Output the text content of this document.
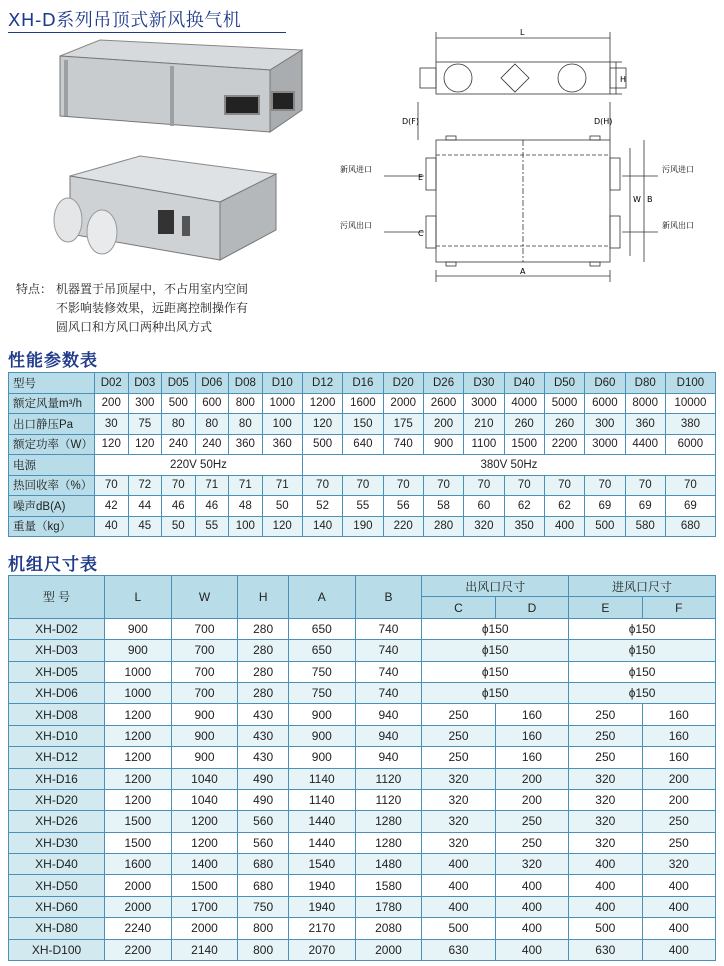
XH-D系列吊顶式新风换气机
特点： 机器置于吊顶屋中，不占用室内空间
不影响装修效果，远距离控制操作有
圆风口和方风口两种出风方式
L
H
D(F)	D(H)
E
C
W B
A
新风进口
污风出口
污风进口
新风出口
性能参数表
型号	D02	D03	D05	D06	D08	D10	D12	D16	D20	D26	D30	D40	D50	D60	D80	D100
额定风量m³/h	200	300	500	600	800	1000	1200	1600	2000	2600	3000	4000	5000	6000	8000	10000
出口静压Pa	30	75	80	80	80	100	120	150	175	200	210	260	260	300	360	380
额定功率（W）	120	120	240	240	360	360	500	640	740	900	1100	1500	2200	3000	4400	6000
电源	220V 50Hz						380V 50Hz									
热回收率（%）	70	72	70	71	71	71	70	70	70	70	70	70	70	70	70	70
噪声dB(A)	42	44	46	46	48	50	52	55	56	58	60	62	62	69	69	69
重量（kg）	40	45	50	55	100	120	140	190	220	280	320	350	400	500	580	680
机组尺寸表
型 号	L	W	H	A	B	出风口尺寸		进风口尺寸	
						C	D	E	F
XH-D02	900	700	280	650	740	ϕ150		ϕ150	
XH-D03	900	700	280	650	740	ϕ150		ϕ150	
XH-D05	1000	700	280	750	740	ϕ150		ϕ150	
XH-D06	1000	700	280	750	740	ϕ150		ϕ150	
XH-D08	1200	900	430	900	940	250	160	250	160
XH-D10	1200	900	430	900	940	250	160	250	160
XH-D12	1200	900	430	900	940	250	160	250	160
XH-D16	1200	1040	490	1140	1120	320	200	320	200
XH-D20	1200	1040	490	1140	1120	320	200	320	200
XH-D26	1500	1200	560	1440	1280	320	250	320	250
XH-D30	1500	1200	560	1440	1280	320	250	320	250
XH-D40	1600	1400	680	1540	1480	400	320	400	320
XH-D50	2000	1500	680	1940	1580	400	400	400	400
XH-D60	2000	1700	750	1940	1780	400	400	400	400
XH-D80	2240	2000	800	2170	2080	500	400	500	400
XH-D100	2200	2140	800	2070	2000	630	400	630	400
